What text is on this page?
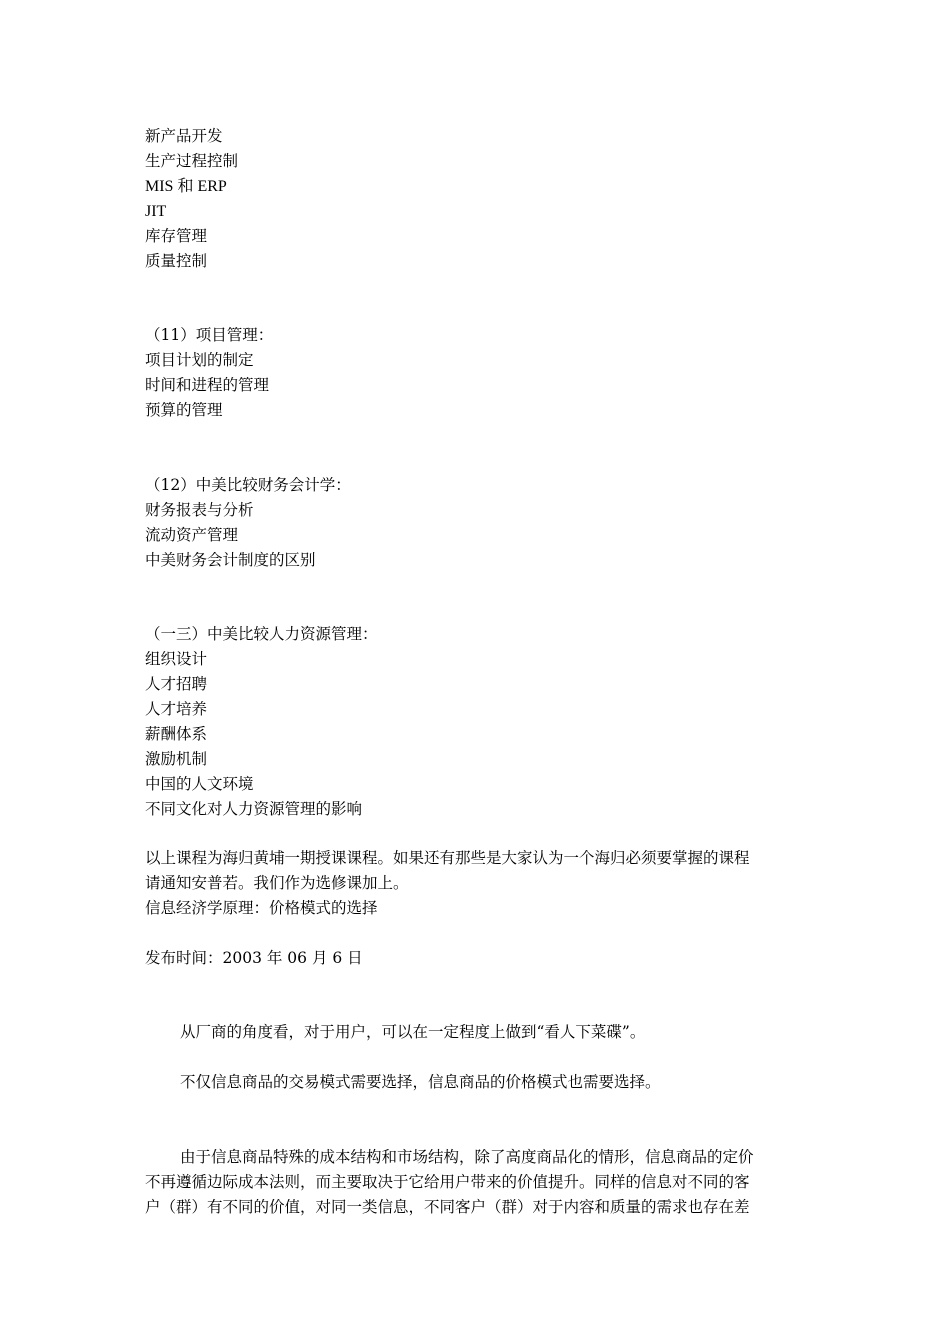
新产品开发
生产过程控制
MIS 和 ERP
JIT
库存管理
质量控制
（11）项目管理：
项目计划的制定
时间和进程的管理
预算的管理
（12）中美比较财务会计学：
财务报表与分析
流动资产管理
中美财务会计制度的区别
（一三）中美比较人力资源管理：
组织设计
人才招聘
人才培养
薪酬体系
激励机制
中国的人文环境
不同文化对人力资源管理的影响
以上课程为海归黄埔一期授课课程。如果还有那些是大家认为一个海归必须要掌握的课程
请通知安普若。我们作为选修课加上。
信息经济学原理：价格模式的选择
发布时间：2003 年 06 月 6 日
从厂商的角度看，对于用户，可以在一定程度上做到“看人下菜碟”。
不仅信息商品的交易模式需要选择，信息商品的价格模式也需要选择。
由于信息商品特殊的成本结构和市场结构，除了高度商品化的情形，信息商品的定价
不再遵循边际成本法则，而主要取决于它给用户带来的价值提升。同样的信息对不同的客
户（群）有不同的价值，对同一类信息，不同客户（群）对于内容和质量的需求也存在差
